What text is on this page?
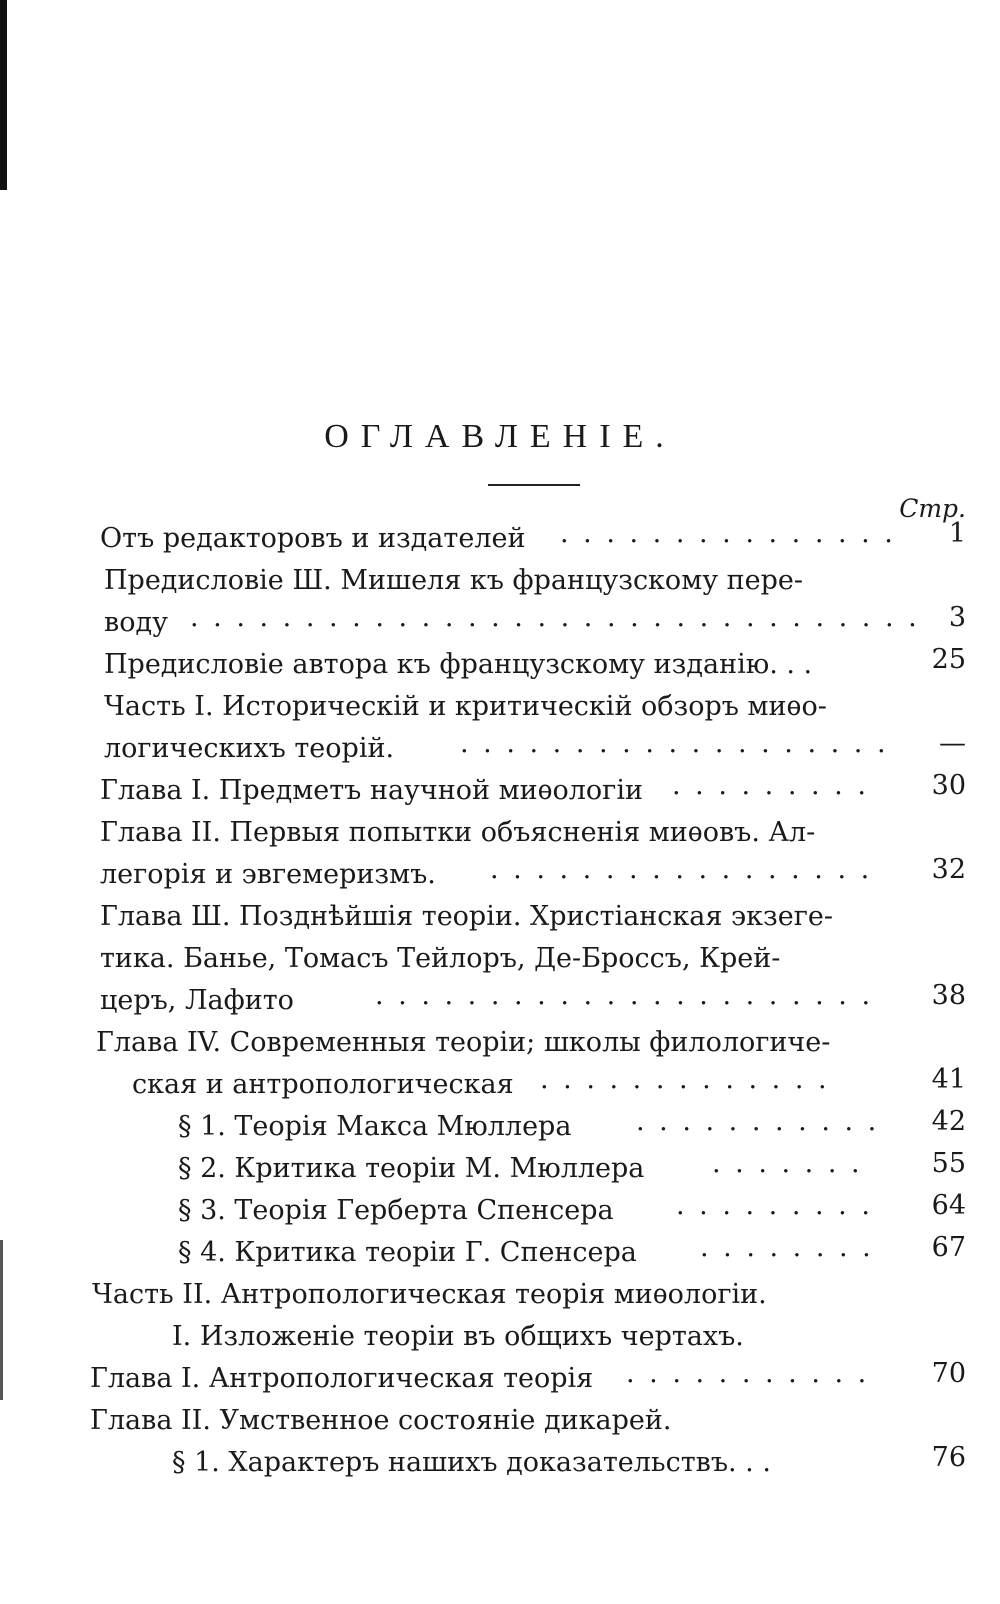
ОГЛАВЛЕНІЕ.
Стр.
Отъ редакторовъ и издателей . . . . . . . . . . . . . . .	1
Предисловіе Ш. Мишеля къ французскому пере-
воду . . . . . . . . . . . . . . . . . . . . . . . . . . . . . . . .	3
Предисловіе автора къ французскому изданію. . .	25
Часть I. Историческій и критическій обзоръ миѳо-
логическихъ теорій. . . . . . . . . . . . . . . . . . . .	—
Глава I. Предметъ научной миѳологіи . . . . . . . . .	30
Глава II. Первыя попытки объясненія миѳовъ. Ал-
легорія и эвгемеризмъ. . . . . . . . . . . . . . . . . .	32
Глава Ш. Позднѣйшія теоріи. Христіанская экзеге-
тика. Банье, Томасъ Тейлоръ, Де-Броссъ, Крей-
церъ, Лафито	. . . . . . . . . . . . . . . . . . . . . .	38
Глава IV. Современныя теоріи; школы филологиче-
ская и антропологическая . . . . . . . . . . . . .	41
§ 1. Теорія Макса Мюллера . . . . . . . . . . .	42
§ 2. Критика теоріи М. Мюллера	. . . . . . .	55
§ 3. Теорія Герберта Спенсера . . . . . . . . .	64
§ 4. Критика теоріи Г. Спенсера . . . . . . . .	67
Часть II. Антропологическая теорія миѳологіи.
I. Изложеніе теоріи въ общихъ чертахъ.
Глава I. Антропологическая теорія . . . . . . . . . . .	70
Глава II. Умственное состояніе дикарей.
§ 1. Характеръ нашихъ доказательствъ. . .	76
